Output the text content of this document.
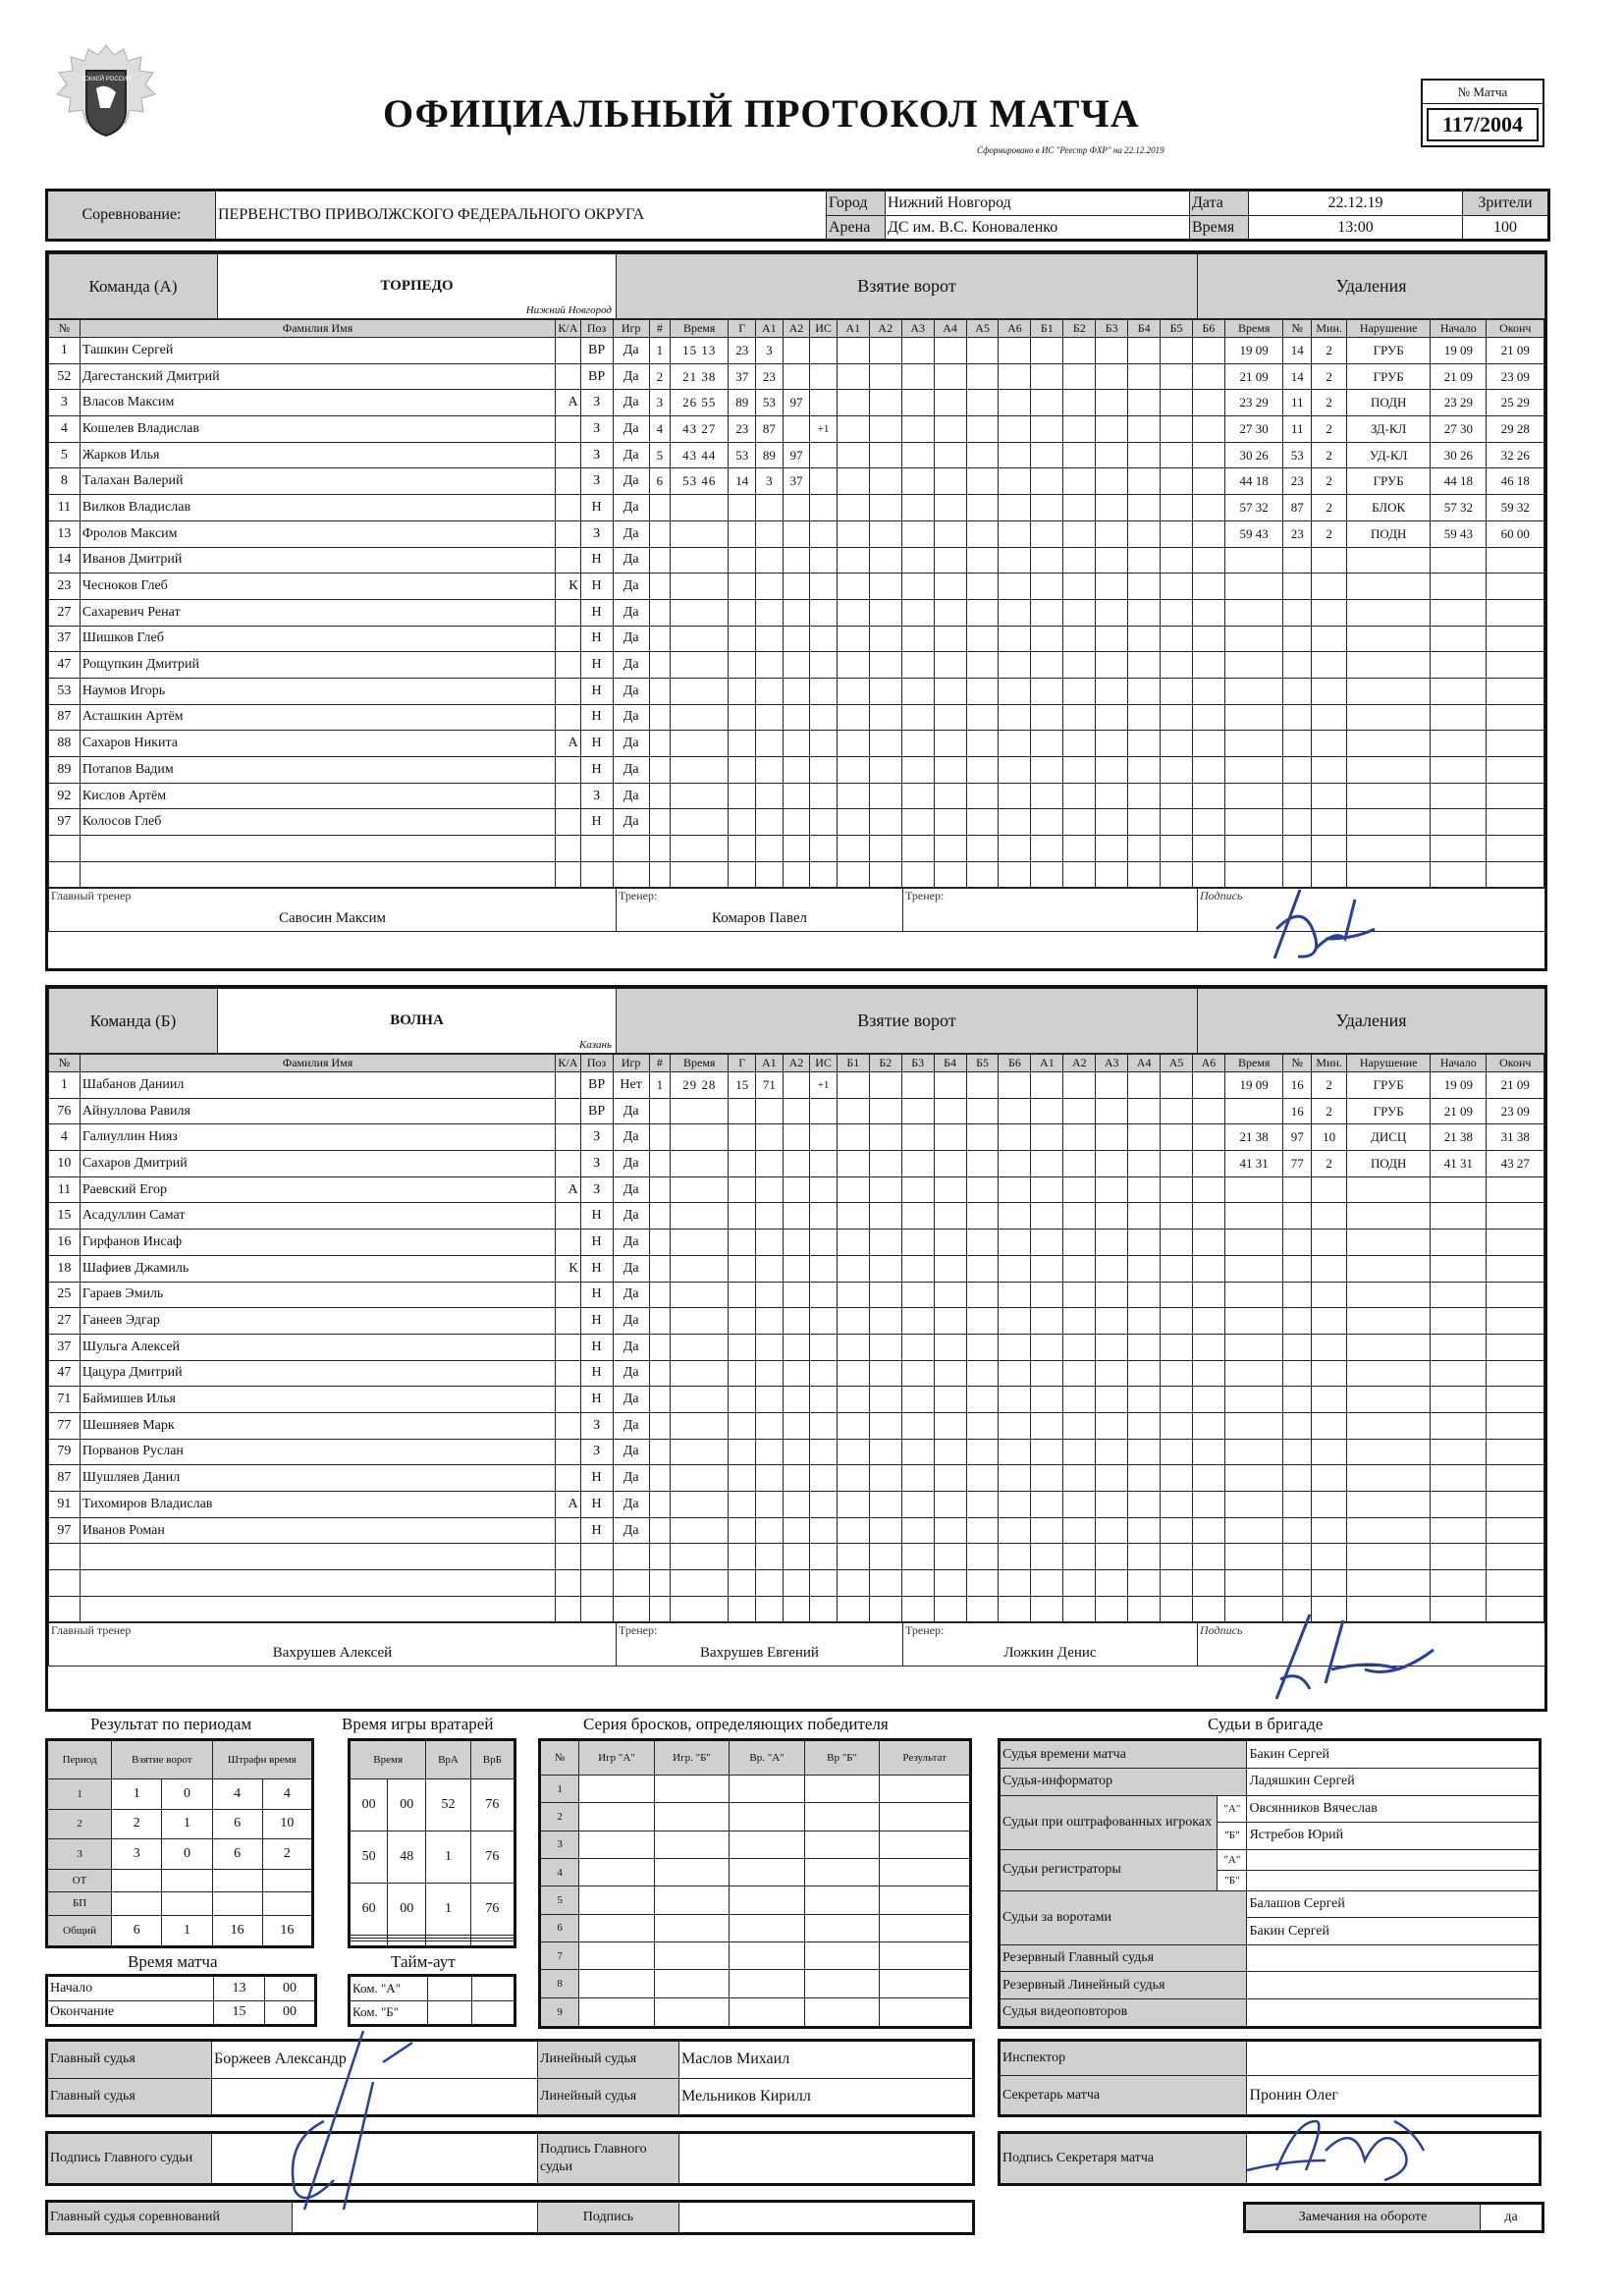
ХОККЕЙ РОССИИ
ОФИЦИАЛЬНЫЙ ПРОТОКОЛ МАТЧА
Сформировано в ИС "Реестр ФХР" на 22.12.2019
№ Матча
117/2004
Соревнование:	ПЕРВЕНСТВО ПРИВОЛЖСКОГО ФЕДЕРАЛЬНОГО ОКРУГА	Город	Нижний Новгород	Дата	22.12.19	Зрители
		Арена	ДС им. В.С. Коноваленко	Время	13:00	100
Команда (А)	ТОРПЕДО
Нижний Новгород
	Взятие ворот	Удаления
№	Фамилия Имя	К/А	Поз	Игр	#	Время	Г	А1	А2	ИС	А1	А2	А3	А4	А5	А6	Б1	Б2	Б3	Б4	Б5	Б6	Время	№	Мин.	Нарушение	Начало	Оконч
1	Ташкин Сергей		ВР	Да	1	15 13	23	3															19 09	14	2	ГРУБ	19 09	21 09
52	Дагестанский Дмитрий		ВР	Да	2	21 38	37	23															21 09	14	2	ГРУБ	21 09	23 09
3	Власов Максим	А	З	Да	3	26 55	89	53	97														23 29	11	2	ПОДН	23 29	25 29
4	Кошелев Владислав		З	Да	4	43 27	23	87		+1													27 30	11	2	ЗД-КЛ	27 30	29 28
5	Жарков Илья		З	Да	5	43 44	53	89	97														30 26	53	2	УД-КЛ	30 26	32 26
8	Талахан Валерий		З	Да	6	53 46	14	3	37														44 18	23	2	ГРУБ	44 18	46 18
11	Вилков Владислав		Н	Да																			57 32	87	2	БЛОК	57 32	59 32
13	Фролов Максим		З	Да																			59 43	23	2	ПОДН	59 43	60 00
14	Иванов Дмитрий		Н	Да																								
23	Чесноков Глеб	К	Н	Да																								
27	Сахаревич Ренат		Н	Да																								
37	Шишков Глеб		Н	Да																								
47	Рощупкин Дмитрий		Н	Да																								
53	Наумов Игорь		Н	Да																								
87	Асташкин Артём		Н	Да																								
88	Сахаров Никита	А	Н	Да																								
89	Потапов Вадим		Н	Да																								
92	Кислов Артём		З	Да																								
97	Колосов Глеб		Н	Да																								

Главный тренер
Савосин Максим

Тренер:
Комаров Павел

Тренер:	Подпись
Команда (Б)	ВОЛНА
Казань
	Взятие ворот	Удаления
№	Фамилия Имя	К/А	Поз	Игр	#	Время	Г	А1	А2	ИС	Б1	Б2	Б3	Б4	Б5	Б6	А1	А2	А3	А4	А5	А6	Время	№	Мин.	Нарушение	Начало	Оконч
1	Шабанов Даниил		ВР	Нет	1	29 28	15	71		+1													19 09	16	2	ГРУБ	19 09	21 09
76	Айнуллова Равиля		ВР	Да																				16	2	ГРУБ	21 09	23 09
4	Галиуллин Нияз		З	Да																			21 38	97	10	ДИСЦ	21 38	31 38
10	Сахаров Дмитрий		З	Да																			41 31	77	2	ПОДН	41 31	43 27
11	Раевский Егор	А	З	Да																								
15	Асадуллин Самат		Н	Да																								
16	Гирфанов Инсаф		Н	Да																								
18	Шафиев Джамиль	К	Н	Да																								
25	Гараев Эмиль		Н	Да																								
27	Ганеев Эдгар		Н	Да																								
37	Шульга Алексей		Н	Да																								
47	Цацура Дмитрий		Н	Да																								
71	Баймишев Илья		Н	Да																								
77	Шешняев Марк		З	Да																								
79	Порванов Руслан		З	Да																								
87	Шушляев Данил		Н	Да																								
91	Тихомиров Владислав	А	Н	Да																								
97	Иванов Роман		Н	Да																								

Главный тренер
Вахрушев Алексей

Тренер:
Вахрушев Евгений

Тренер:
Ложкин Денис

Подпись
Результат по периодам
Период	Взятие ворот		Штрафн время	
1	1	0	4	4
2	2	1	6	10
3	3	0	6	2
ОТ				
БП				
Общий	6	1	16	16
Время игры вратарей
Время		ВрА	ВрБ
00	00	52	76
50	48	1	76
60	00	1	76

Время матча
Начало	13	00
Окончание	15	00
Тайм-аут
Ком. "А"		
Ком. "Б"		
Серия бросков, определяющих победителя
№	Игр "А"	Игр. "Б"	Вр. "А"	Вр "Б"	Результат
1					
2					
3					
4					
5					
6					
7					
8					
9					
Судьи в бригаде
Судья времени матча		Бакин Сергей
Судья-информатор		Ладяшкин Сергей
Судьи при оштрафованных игроках	"А"	Овсянников Вячеслав
	"Б"	Ястребов Юрий
Судьи регистраторы	"А"	
	"Б"	
Судьи за воротами		Балашов Сергей
		Бакин Сергей
Резервный Главный судья		
Резервный Линейный судья		
Судья видеоповторов		
Главный судья	Боржеев Александр	Линейный судья	Маслов Михаил
Главный судья		Линейный судья	Мельников Кирилл
Инспектор	
Секретарь матча	Пронин Олег
Подпись Главного судьи		Подпись Главного судьи	
Подпись Секретаря матча	
Главный судья соревнований		Подпись		Замечания на обороте	да
